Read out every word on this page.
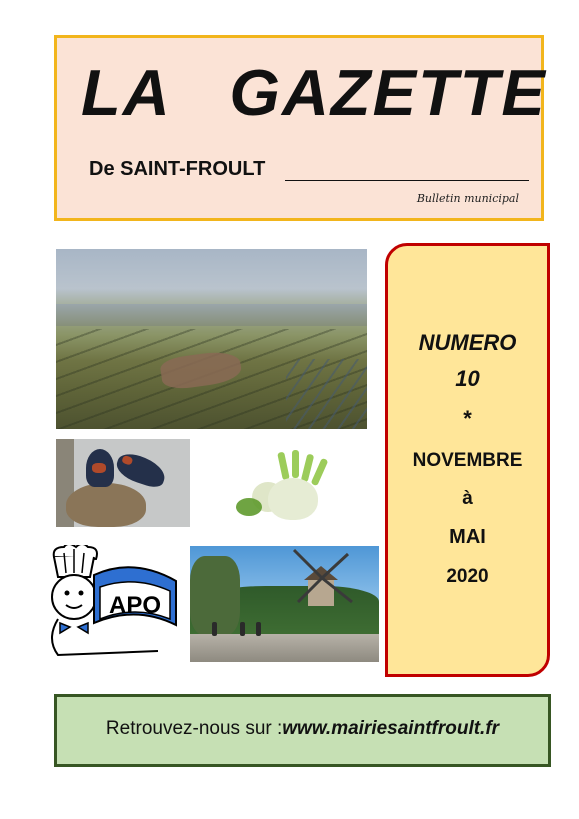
LA   GAZETTE
De SAINT-FROULT
Bulletin municipal
APO
NUMERO
10
*
NOVEMBRE
à
MAI
2020
Retrouvez-nous sur :www.mairiesaintfroult.fr
